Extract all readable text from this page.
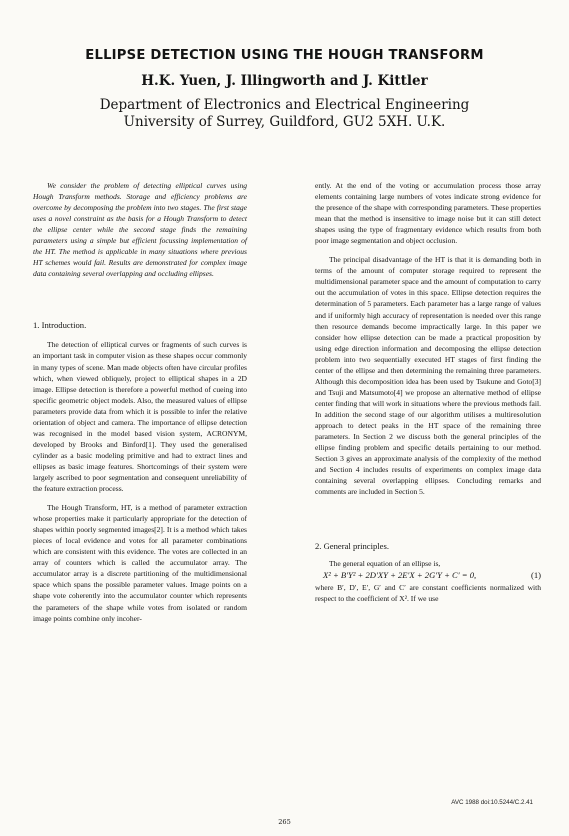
ELLIPSE DETECTION USING THE HOUGH TRANSFORM
H.K. Yuen, J. Illingworth and J. Kittler
Department of Electronics and Electrical Engineering
University of Surrey, Guildford, GU2 5XH. U.K.

We consider the problem of detecting elliptical curves using Hough Transform methods. Storage and efficiency problems are overcome by decomposing the problem into two stages. The first stage uses a novel constraint as the basis for a Hough Transform to detect the ellipse center while the second stage finds the remaining parameters using a simple but efficient focussing implementation of the HT. The method is applicable in many situations where previous HT schemes would fail. Results are demonstrated for complex image data containing several overlapping and occluding ellipses.

1. Introduction.

The detection of elliptical curves or fragments of such curves is an important task in computer vision as these shapes occur commonly in many types of scene. Man made objects often have circular profiles which, when viewed obliquely, project to elliptical shapes in a 2D image. Ellipse detection is therefore a powerful method of cueing into specific geometric object models. Also, the measured values of ellipse parameters provide data from which it is possible to infer the relative orientation of object and camera. The importance of ellipse detection was recognised in the model based vision system, ACRONYM, developed by Brooks and Binford[1]. They used the generalised cylinder as a basic modeling primitive and had to extract lines and ellipses as basic image features. Shortcomings of their system were largely ascribed to poor segmentation and consequent unreliability of the feature extraction process.

The Hough Transform, HT, is a method of parameter extraction whose properties make it particularly appropriate for the detection of shapes within poorly segmented images[2]. It is a method which takes pieces of local evidence and votes for all parameter combinations which are consistent with this evidence. The votes are collected in an array of counters which is called the accumulator array. The accumulator array is a discrete partitioning of the multidimensional space which spans the possible parameter values. Image points on a shape vote coherently into the accumulator counter which represents the parameters of the shape while votes from isolated or random image points combine only incoher-

ently. At the end of the voting or accumulation process those array elements containing large numbers of votes indicate strong evidence for the presence of the shape with corresponding parameters. These properties mean that the method is insensitive to image noise but it can still detect shapes using the type of fragmentary evidence which results from both poor image segmentation and object occlusion.

The principal disadvantage of the HT is that it is demanding both in terms of the amount of computer storage required to represent the multidimensional parameter space and the amount of computation to carry out the accumulation of votes in this space. Ellipse detection requires the determination of 5 parameters. Each parameter has a large range of values and if uniformly high accuracy of representation is needed over this range then resource demands become impractically large. In this paper we consider how ellipse detection can be made a practical proposition by using edge direction information and decomposing the ellipse detection problem into two sequentially executed HT stages of first finding the center of the ellipse and then determining the remaining three parameters. Although this decomposition idea has been used by Tsukune and Goto[3] and Tsuji and Matsumoto[4] we propose an alternative method of ellipse center finding that will work in situations where the previous methods fail. In addition the second stage of our algorithm utilises a multiresolution approach to detect peaks in the HT space of the remaining three parameters. In Section 2 we discuss both the general principles of the ellipse finding problem and specific details pertaining to our method. Section 3 gives an approximate analysis of the complexity of the method and Section 4 includes results of experiments on complex image data containing several overlapping ellipses. Concluding remarks and comments are included in Section 5.

2. General principles.

The general equation of an ellipse is,

X² + B′Y² + 2D′XY + 2E′X + 2G′Y + C′ = 0,	(1)

where B′, D′, E′, G′ and C′ are constant coefficients normalized with respect to the coefficient of X². If we use

AVC 1988 doi:10.5244/C.2.41
265
